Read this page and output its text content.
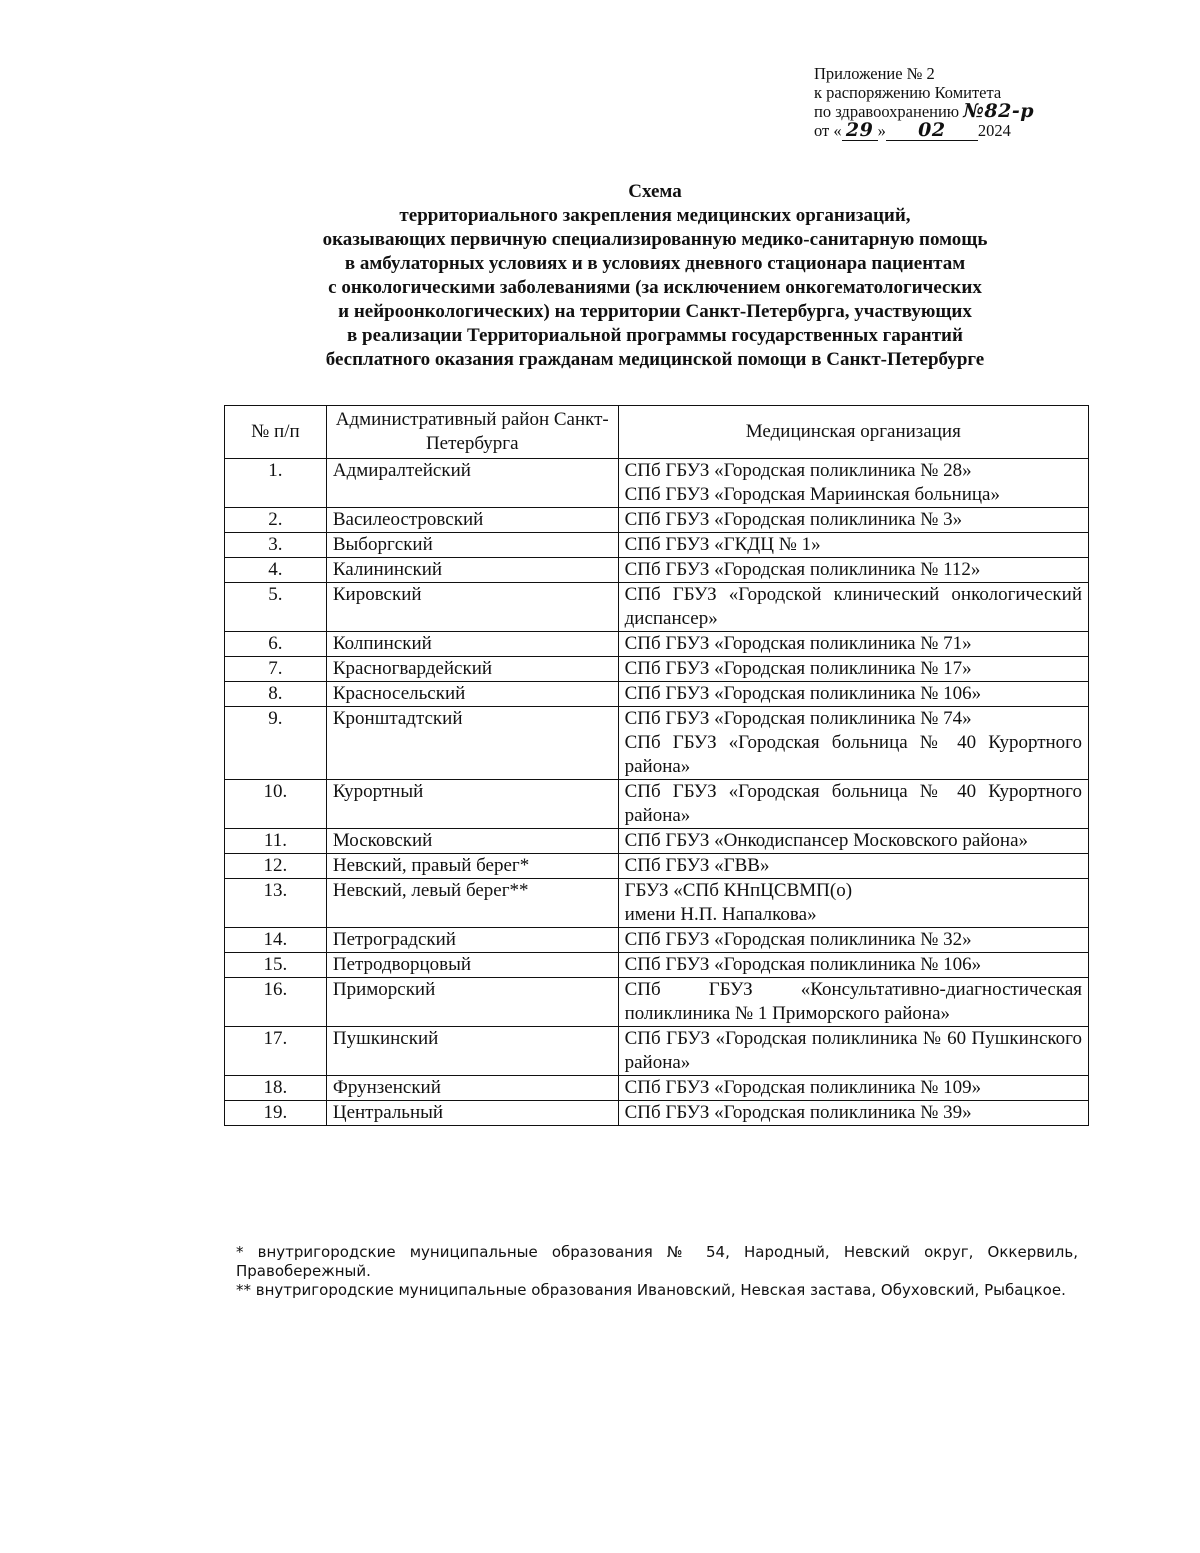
Приложение № 2
к распоряжению Комитета
по здравоохранению №82-р
от « 29 » 02 2024
Схема
территориального закрепления медицинских организаций,
оказывающих первичную специализированную медико-санитарную помощь
в амбулаторных условиях и в условиях дневного стационара пациентам
с онкологическими заболеваниями (за исключением онкогематологических
и нейроонкологических) на территории Санкт-Петербурга, участвующих
в реализации Территориальной программы государственных гарантий
бесплатного оказания гражданам медицинской помощи в Санкт-Петербурге
№ п/п	Административный район Санкт-Петербурга	Медицинская организация
1.	Адмиралтейский	СПб ГБУЗ «Городская поликлиника № 28»
СПб ГБУЗ «Городская Мариинская больница»

2.	Василеостровский	СПб ГБУЗ «Городская поликлиника № 3»

3.	Выборгский	СПб ГБУЗ «ГКДЦ № 1»

4.	Калининский	СПб ГБУЗ «Городская поликлиника № 112»

5.	Кировский	СПб ГБУЗ «Городской клинический онкологический диспансер»

6.	Колпинский	СПб ГБУЗ «Городская поликлиника № 71»

7.	Красногвардейский	СПб ГБУЗ «Городская поликлиника № 17»

8.	Красносельский	СПб ГБУЗ «Городская поликлиника № 106»

9.	Кронштадтский	СПб ГБУЗ «Городская поликлиника № 74»
СПб ГБУЗ «Городская больница № 40 Курортного района»

10.	Курортный	СПб ГБУЗ «Городская больница № 40 Курортного района»

11.	Московский	СПб ГБУЗ «Онкодиспансер Московского района»

12.	Невский, правый берег*	СПб ГБУЗ «ГВВ»

13.	Невский, левый берег**	ГБУЗ «СПб КНпЦСВМП(о)
имени Н.П. Напалкова»

14.	Петроградский	СПб ГБУЗ «Городская поликлиника № 32»

15.	Петродворцовый	СПб ГБУЗ «Городская поликлиника № 106»

16.	Приморский	СПб ГБУЗ «Консультативно-диагностическая поликлиника № 1 Приморского района»

17.	Пушкинский	СПб ГБУЗ «Городская поликлиника № 60 Пушкинского района»

18.	Фрунзенский	СПб ГБУЗ «Городская поликлиника № 109»

19.	Центральный	СПб ГБУЗ «Городская поликлиника № 39»

* внутригородские муниципальные образования № 54, Народный, Невский округ, Оккервиль, Правобережный.

** внутригородские муниципальные образования Ивановский, Невская застава, Обуховский, Рыбацкое.
